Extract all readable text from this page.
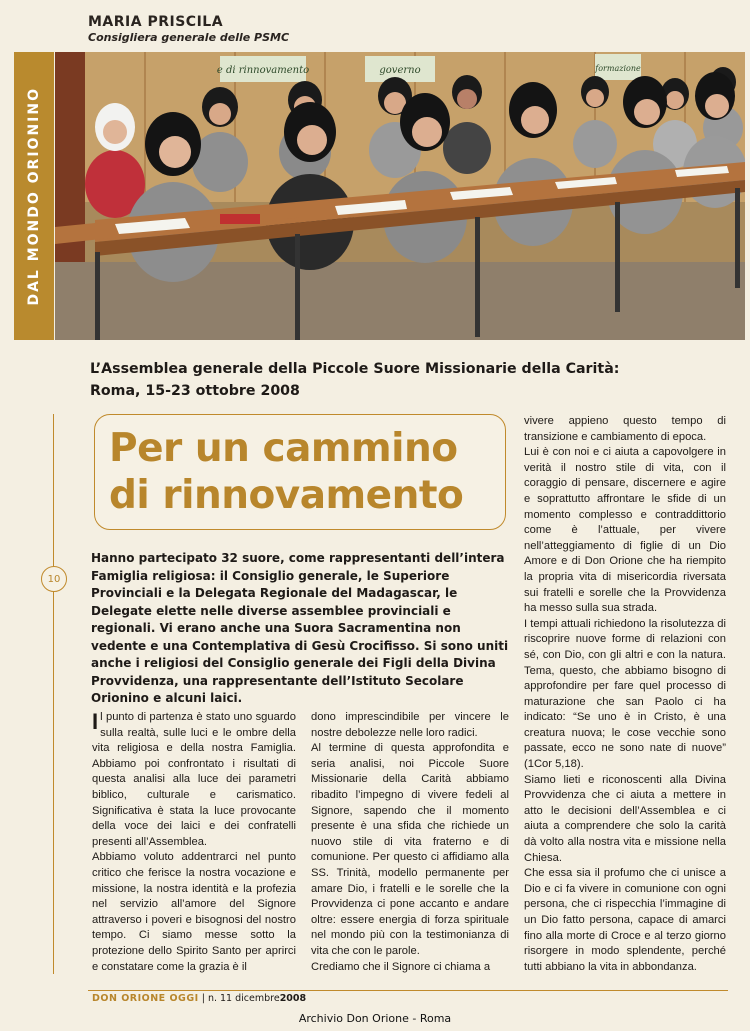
MARIA PRISCILA
Consigliera generale delle PSMC
DAL MONDO ORIONINO
e di rinnovamento	governo	formazione
L’Assemblea generale della Piccole Suore Missionarie della Carità: Roma, 15-23 ottobre 2008
Per un cammino
di rinnovamento
10
Hanno partecipato 32 suore, come rappresentanti dell’intera Famiglia religiosa: il Consiglio generale, le Superiore Provinciali e la Delegata Regionale del Madagascar, le Delegate elette nelle diverse assemblee provinciali e regionali. Vi erano anche una Suora Sacramentina non vedente e una Contemplativa di Gesù Crocifisso. Si sono uniti anche i religiosi del Consiglio generale dei Figli della Divina Provvidenza, una rappresentante dell’Istituto Secolare Orionino e alcuni laici.

Il punto di partenza è stato uno sguardo sulla realtà, sulle luci e le ombre della vita religiosa e della nostra Famiglia. Abbiamo poi confrontato i risultati di questa analisi alla luce dei parametri biblico, culturale e carismatico. Significativa è stata la luce provocante della voce dei laici e dei confratelli presenti all’Assemblea.

Abbiamo voluto addentrarci nel punto critico che ferisce la nostra vocazione e missione, la nostra identità e la profezia nel servizio all’amore del Signore attraverso i poveri e bisognosi del nostro tempo. Ci siamo messe sotto la protezione dello Spirito Santo per aprirci e constatare come la grazia è il

dono imprescindibile per vincere le nostre debolezze nelle loro radici.

Al termine di questa approfondita e seria analisi, noi Piccole Suore Missionarie della Carità abbiamo ribadito l’impegno di vivere fedeli al Signore, sapendo che il momento presente è una sfida che richiede un nuovo stile di vita fraterno e di comunione. Per questo ci affidiamo alla SS. Trinità, modello permanente per amare Dio, i fratelli e le sorelle che la Provvidenza ci pone accanto e andare oltre: essere energia di forza spirituale nel mondo più con la testimonianza di vita che con le parole.

Crediamo che il Signore ci chiama a

vivere appieno questo tempo di transizione e cambiamento di epoca.

Lui è con noi e ci aiuta a capovolgere in verità il nostro stile di vita, con il coraggio di pensare, discernere e agire e soprattutto affrontare le sfide di un momento complesso e contraddittorio come è l’attuale, per vivere nell’atteggiamento di figlie di un Dio Amore e di Don Orione che ha riempito la propria vita di misericordia riversata sui fratelli e sorelle che la Provvidenza ha messo sulla sua strada.

I tempi attuali richiedono la risolutezza di riscoprire nuove forme di relazioni con sé, con Dio, con gli altri e con la natura. Tema, questo, che abbiamo bisogno di approfondire per fare quel processo di maturazione che san Paolo ci ha indicato: “Se uno è in Cristo, è una creatura nuova; le cose vecchie sono passate, ecco ne sono nate di nuove” (1Cor 5,18).

Siamo lieti e riconoscenti alla Divina Provvidenza che ci aiuta a mettere in atto le decisioni dell’Assemblea e ci aiuta a comprendere che solo la carità dà volto alla nostra vita e missione nella Chiesa.

Che essa sia il profumo che ci unisce a Dio e ci fa vivere in comunione con ogni persona, che ci rispecchia l’immagine di un Dio fatto persona, capace di amarci fino alla morte di Croce e al terzo giorno risorgere in modo splendente, perché tutti abbiano la vita in abbondanza.

DON ORIONE OGGI | n. 11 dicembre2008
Archivio Don Orione - Roma
